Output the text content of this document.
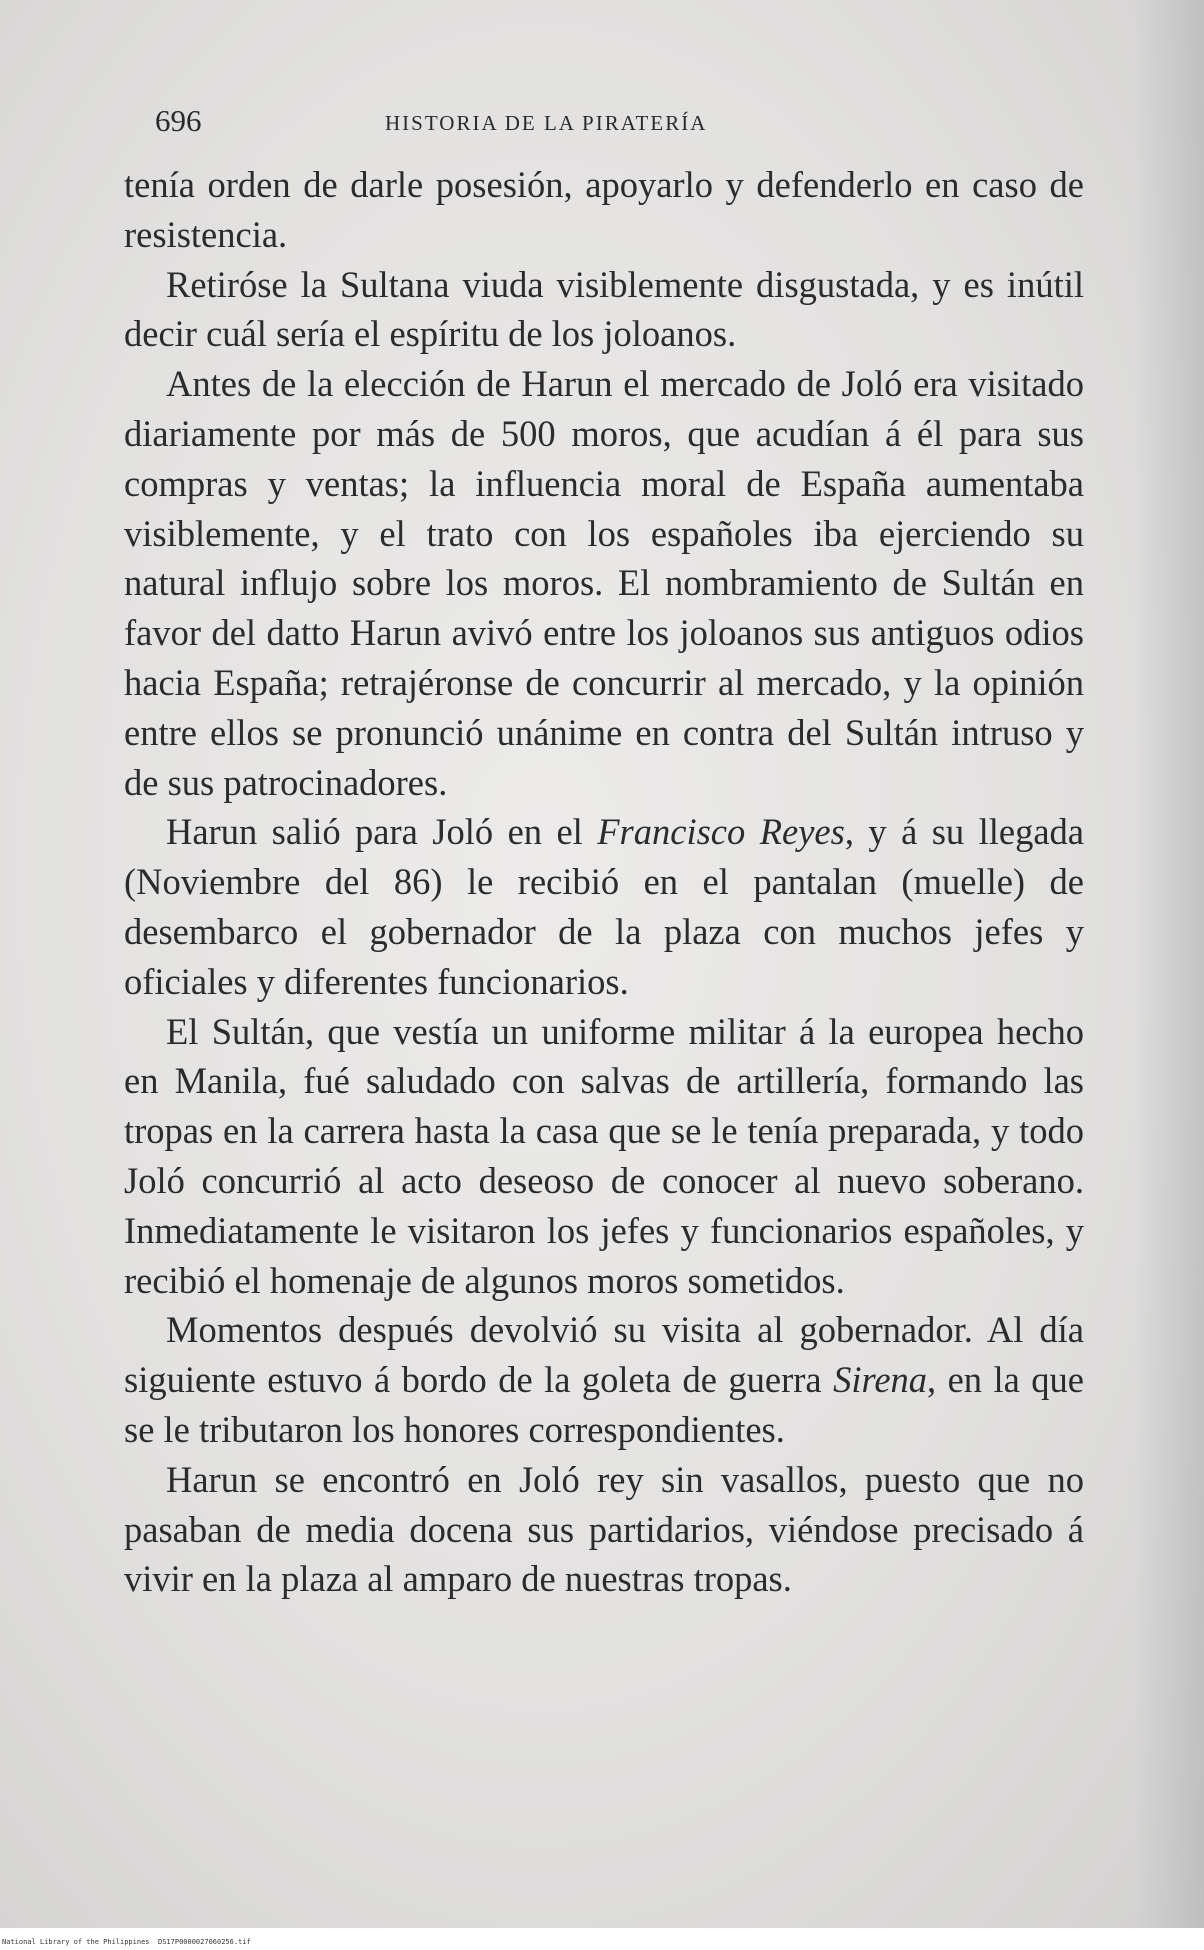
696	HISTORIA DE LA PIRATERÍA

tenía orden de darle posesión, apoyarlo y defenderlo en caso de resistencia.

Retiróse la Sultana viuda visiblemente disgustada, y es inútil decir cuál sería el espíritu de los joloanos.

Antes de la elección de Harun el mercado de Joló era visitado diariamente por más de 500 moros, que acudían á él para sus compras y ventas; la influencia moral de España aumentaba visiblemente, y el trato con los españoles iba ejerciendo su natural influjo sobre los moros. El nombramiento de Sultán en favor del datto Harun avivó entre los joloanos sus antiguos odios hacia España; retrajéronse de concurrir al mercado, y la opinión entre ellos se pronunció unánime en contra del Sultán intruso y de sus patrocinadores.

Harun salió para Joló en el Francisco Reyes, y á su llegada (Noviembre del 86) le recibió en el pantalan (muelle) de desembarco el gobernador de la plaza con muchos jefes y oficiales y diferentes funcionarios.

El Sultán, que vestía un uniforme militar á la europea hecho en Manila, fué saludado con salvas de artillería, formando las tropas en la carrera hasta la casa que se le tenía preparada, y todo Joló concurrió al acto deseoso de conocer al nuevo soberano. Inmediatamente le visitaron los jefes y funcionarios españoles, y recibió el homenaje de algunos moros sometidos.

Momentos después devolvió su visita al gobernador. Al día siguiente estuvo á bordo de la goleta de guerra Sirena, en la que se le tributaron los honores correspondientes.

Harun se encontró en Joló rey sin vasallos, puesto que no pasaban de media docena sus partidarios, viéndose precisado á vivir en la plaza al amparo de nuestras tropas.

National Library of the Philippines DS17P0000027060256.tif
